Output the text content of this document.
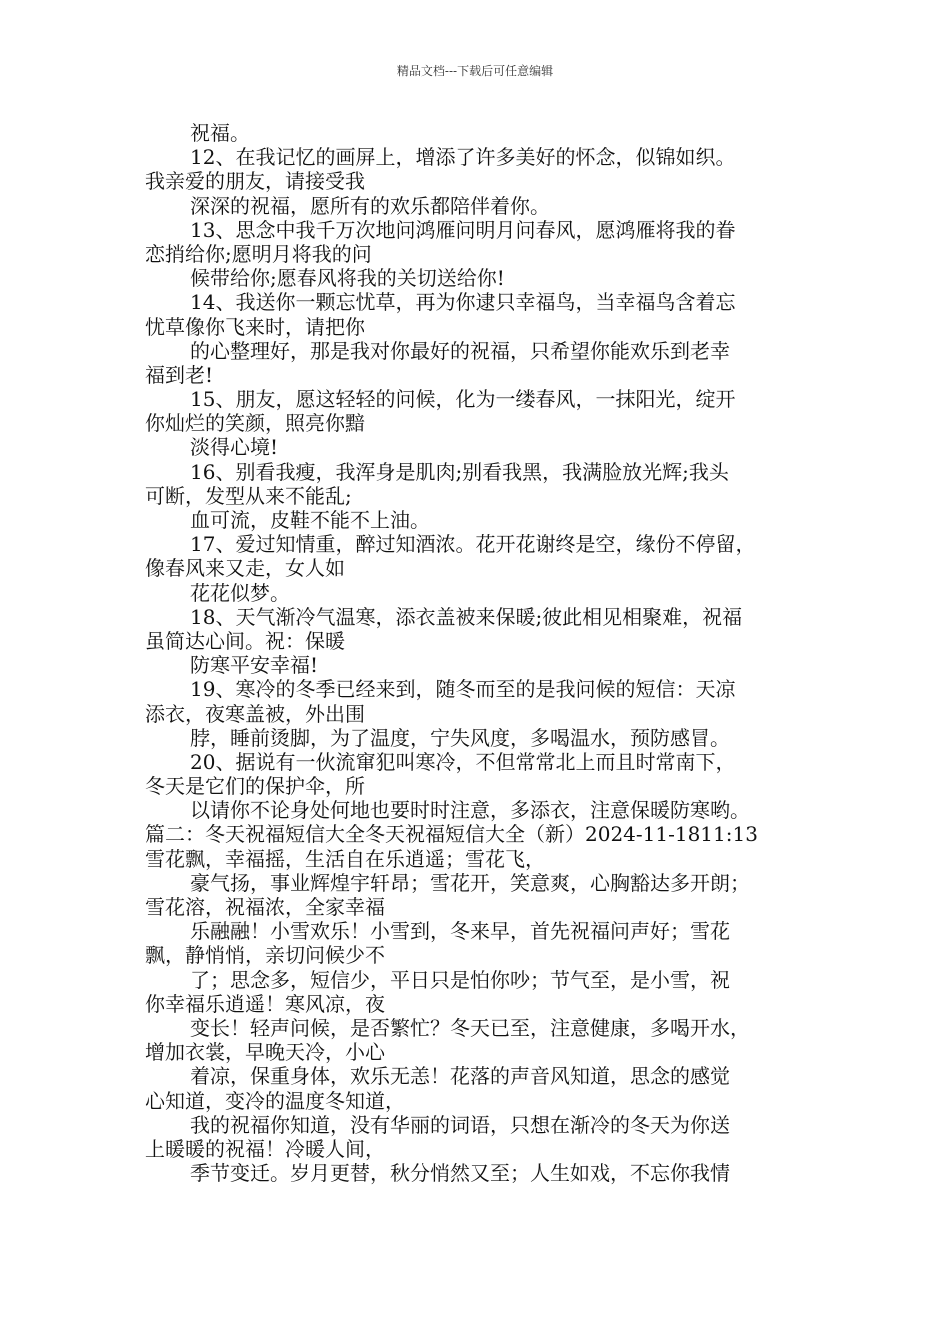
精品文档---下载后可任意编辑
祝福。
12、在我记忆的画屏上，增添了许多美好的怀念，似锦如织。
我亲爱的朋友，请接受我
深深的祝福，愿所有的欢乐都陪伴着你。
13、思念中我千万次地问鸿雁问明月问春风，愿鸿雁将我的眷
恋捎给你;愿明月将我的问
候带给你;愿春风将我的关切送给你!
14、我送你一颗忘忧草，再为你逮只幸福鸟，当幸福鸟含着忘
忧草像你飞来时，请把你
的心整理好，那是我对你最好的祝福，只希望你能欢乐到老幸
福到老!
15、朋友，愿这轻轻的问候，化为一缕春风，一抹阳光，绽开
你灿烂的笑颜，照亮你黯
淡得心境!
16、别看我瘦，我浑身是肌肉;别看我黑，我满脸放光辉;我头
可断，发型从来不能乱;
血可流，皮鞋不能不上油。
17、爱过知情重，醉过知酒浓。花开花谢终是空，缘份不停留，
像春风来又走，女人如
花花似梦。
18、天气渐冷气温寒，添衣盖被来保暖;彼此相见相聚难，祝福
虽简达心间。祝：保暖
防寒平安幸福!
19、寒冷的冬季已经来到，随冬而至的是我问候的短信：天凉
添衣，夜寒盖被，外出围
脖，睡前烫脚，为了温度，宁失风度，多喝温水，预防感冒。
20、据说有一伙流窜犯叫寒冷，不但常常北上而且时常南下，
冬天是它们的保护伞，所
以请你不论身处何地也要时时注意，多添衣，注意保暖防寒哟。
篇二：冬天祝福短信大全冬天祝福短信大全（新）2024-11-1811:13
雪花飘，幸福摇，生活自在乐逍遥；雪花飞，
豪气扬，事业辉煌宇轩昂；雪花开，笑意爽，心胸豁达多开朗；
雪花溶，祝福浓，全家幸福
乐融融！小雪欢乐！小雪到，冬来早，首先祝福问声好；雪花
飘，静悄悄，亲切问候少不
了；思念多，短信少，平日只是怕你吵；节气至，是小雪，祝
你幸福乐逍遥！寒风凉，夜
变长！轻声问候，是否繁忙？冬天已至，注意健康，多喝开水，
增加衣裳，早晚天冷，小心
着凉，保重身体，欢乐无恙！花落的声音风知道，思念的感觉
心知道，变冷的温度冬知道，
我的祝福你知道，没有华丽的词语，只想在渐冷的冬天为你送
上暖暖的祝福！冷暖人间，
季节变迁。岁月更替，秋分悄然又至；人生如戏，不忘你我情
